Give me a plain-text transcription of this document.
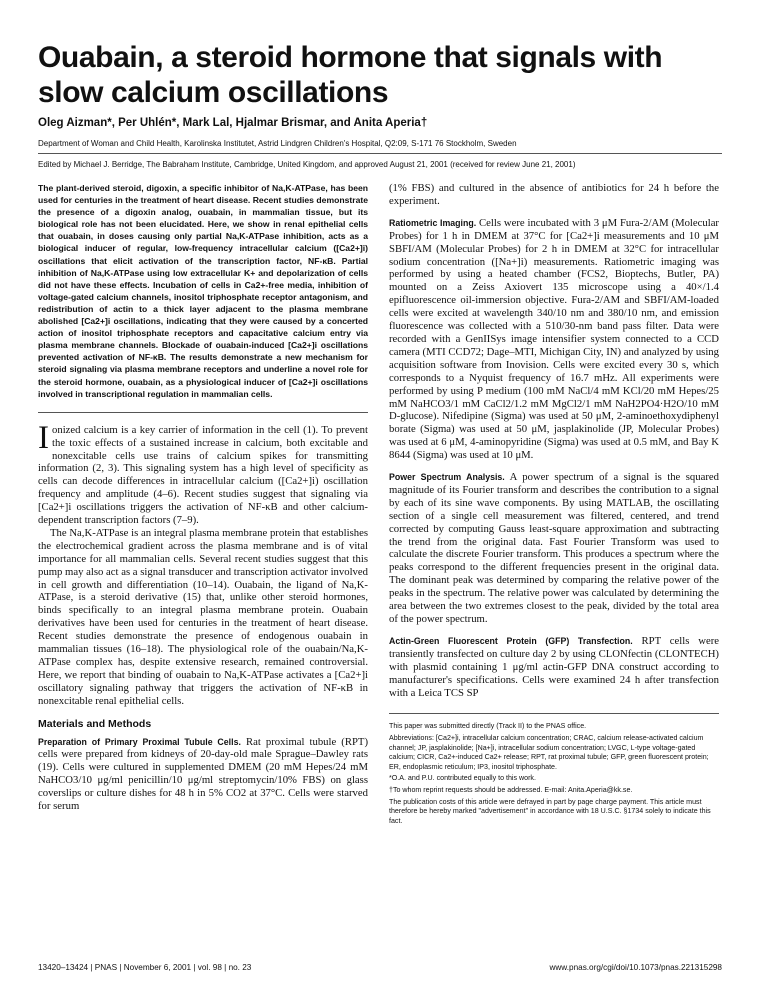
Ouabain, a steroid hormone that signals with slow calcium oscillations
Oleg Aizman*, Per Uhlén*, Mark Lal, Hjalmar Brismar, and Anita Aperia†
Department of Woman and Child Health, Karolinska Institutet, Astrid Lindgren Children's Hospital, Q2:09, S-171 76 Stockholm, Sweden
Edited by Michael J. Berridge, The Babraham Institute, Cambridge, United Kingdom, and approved August 21, 2001 (received for review June 21, 2001)
The plant-derived steroid, digoxin, a specific inhibitor of Na,K-ATPase, has been used for centuries in the treatment of heart disease. Recent studies demonstrate the presence of a digoxin analog, ouabain, in mammalian tissue, but its biological role has not been elucidated. Here, we show in renal epithelial cells that ouabain, in doses causing only partial Na,K-ATPase inhibition, acts as a biological inducer of regular, low-frequency intracellular calcium ([Ca2+]i) oscillations that elicit activation of the transcription factor, NF-κB. Partial inhibition of Na,K-ATPase using low extracellular K+ and depolarization of cells did not have these effects. Incubation of cells in Ca2+-free media, inhibition of voltage-gated calcium channels, inositol triphosphate receptor antagonism, and redistribution of actin to a thick layer adjacent to the plasma membrane abolished [Ca2+]i oscillations, indicating that they were caused by a concerted action of inositol triphosphate receptors and capacitative calcium entry via plasma membrane channels. Blockade of ouabain-induced [Ca2+]i oscillations prevented activation of NF-κB. The results demonstrate a new mechanism for steroid signaling via plasma membrane receptors and underline a novel role for the steroid hormone, ouabain, as a physiological inducer of [Ca2+]i oscillations involved in transcriptional regulation in mammalian cells.

Ionized calcium is a key carrier of information in the cell (1). To prevent the toxic effects of a sustained increase in calcium, both excitable and nonexcitable cells use trains of calcium spikes for transmitting information (2, 3). This signaling system has a high level of specificity as cells can decode differences in intracellular calcium ([Ca2+]i) oscillation frequency and amplitude (4–6). Recent studies suggest that signaling via [Ca2+]i oscillations triggers the activation of NF-κB and other calcium-dependent transcription factors (7–9).

The Na,K-ATPase is an integral plasma membrane protein that establishes the electrochemical gradient across the plasma membrane and is of vital importance for all mammalian cells. Several recent studies suggest that this pump may also act as a signal transducer and transcription activator involved in cell growth and differentiation (10–14). Ouabain, the ligand of Na,K-ATPase, is a steroid derivative (15) that, unlike other steroid hormones, binds specifically to an integral plasma membrane protein. Ouabain derivatives have been used for centuries in the treatment of heart disease. Recent studies demonstrate the presence of endogenous ouabain in mammalian tissues (16–18). The physiological role of the ouabain/Na,K-ATPase complex has, despite extensive research, remained controversial. Here, we report that binding of ouabain to Na,K-ATPase activates a [Ca2+]i oscillatory signaling pathway that triggers the activation of NF-κB in nonexcitable renal epithelial cells.

Materials and Methods

Preparation of Primary Proximal Tubule Cells. Rat proximal tubule (RPT) cells were prepared from kidneys of 20-day-old male Sprague–Dawley rats (19). Cells were cultured in supplemented DMEM (20 mM Hepes/24 mM NaHCO3/10 μg/ml penicillin/10 μg/ml streptomycin/10% FBS) on glass coverslips or culture dishes for 48 h in 5% CO2 at 37°C. Cells were starved for serum

(1% FBS) and cultured in the absence of antibiotics for 24 h before the experiment.

Ratiometric Imaging. Cells were incubated with 3 μM Fura-2/AM (Molecular Probes) for 1 h in DMEM at 37°C for [Ca2+]i measurements and 10 μM SBFI/AM (Molecular Probes) for 2 h in DMEM at 32°C for intracellular sodium concentration ([Na+]i) measurements. Ratiometric imaging was performed by using a heated chamber (FCS2, Bioptechs, Butler, PA) mounted on a Zeiss Axiovert 135 microscope using a 40×/1.4 epifluorescence oil-immersion objective. Fura-2/AM and SBFI/AM-loaded cells were excited at wavelength 340/10 nm and 380/10 nm, and emission fluorescence was collected with a 510/30-nm band pass filter. Data were recorded with a GenIISys image intensifier system connected to a CCD camera (MTI CCD72; Dage–MTI, Michigan City, IN) and analyzed by using acquisition software from Inovision. Cells were excited every 30 s, which corresponds to a Nyquist frequency of 16.7 mHz. All experiments were performed by using P medium (100 mM NaCl/4 mM KCl/20 mM Hepes/25 mM NaHCO3/1 mM CaCl2/1.2 mM MgCl2/1 mM NaH2PO4·H2O/10 mM D-glucose). Nifedipine (Sigma) was used at 50 μM, 2-aminoethoxydiphenyl borate (Sigma) was used at 50 μM, jasplakinolide (JP, Molecular Probes) was used at 6 μM, 4-aminopyridine (Sigma) was used at 0.5 mM, and Bay K 8644 (Sigma) was used at 10 μM.

Power Spectrum Analysis. A power spectrum of a signal is the squared magnitude of its Fourier transform and describes the contribution to a signal by each of its sine wave components. By using MATLAB, the oscillating section of a single cell measurement was filtered, centered, and trend corrected by computing Gauss least-square approximation and subtracting the trend from the original data. Fast Fourier Transform was used to calculate the discrete Fourier transform. This produces a spectrum where the peaks correspond to the different frequencies present in the original data. The dominant peak was determined by comparing the relative power of the peaks in the spectrum. The relative power was calculated by determining the area between the two extremes closest to the peak, divided by the total area of the power spectrum.

Actin-Green Fluorescent Protein (GFP) Transfection. RPT cells were transiently transfected on culture day 2 by using CLONfectin (CLONTECH) with plasmid containing 1 μg/ml actin-GFP DNA construct according to manufacturer's specifications. Cells were examined 24 h after transfection with a Leica TCS SP

This paper was submitted directly (Track II) to the PNAS office.
Abbreviations: [Ca2+]i, intracellular calcium concentration; CRAC, calcium release-activated calcium channel; JP, jasplakinolide; [Na+]i, intracellular sodium concentration; LVGC, L-type voltage-gated calcium; CICR, Ca2+-induced Ca2+ release; RPT, rat proximal tubule; GFP, green fluorescent protein; ER, endoplasmic reticulum; IP3, inositol triphosphate.
*O.A. and P.U. contributed equally to this work.
†To whom reprint requests should be addressed. E-mail: Anita.Aperia@kk.se.
The publication costs of this article were defrayed in part by page charge payment. This article must therefore be hereby marked "advertisement" in accordance with 18 U.S.C. §1734 solely to indicate this fact.
13420–13424 | PNAS | November 6, 2001 | vol. 98 | no. 23	www.pnas.org/cgi/doi/10.1073/pnas.221315298
